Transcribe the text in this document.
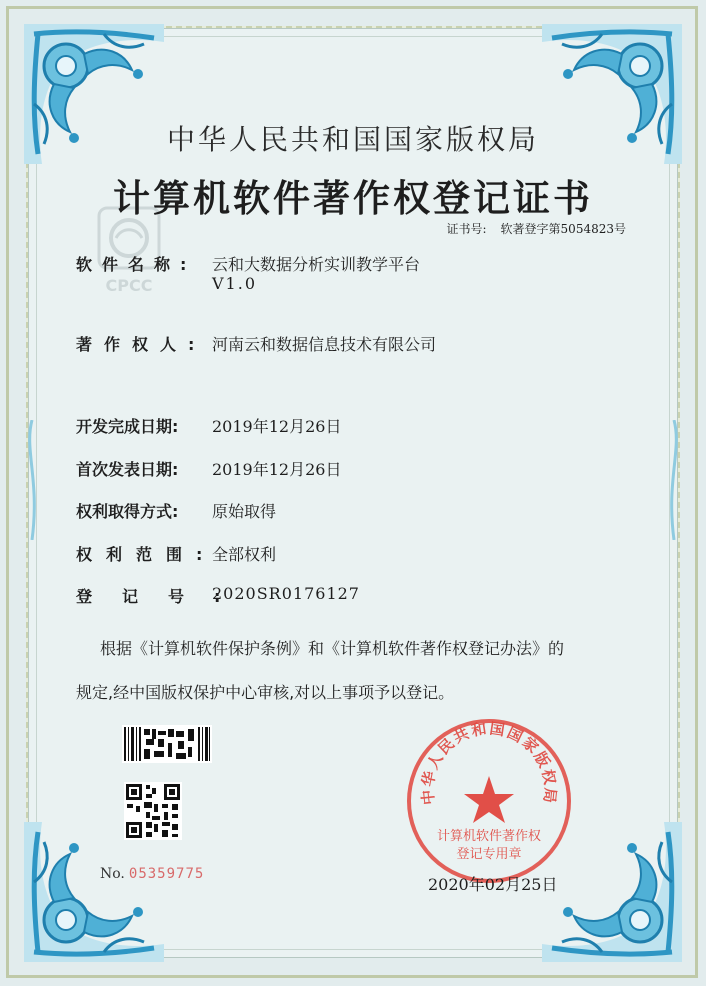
CPCC
中华人民共和国国家版权局
计算机软件著作权登记证书
证书号: 软著登字第5054823号
软件名称: 云和大数据分析实训教学平台
V1.0
著作权人: 河南云和数据信息技术有限公司
开发完成日期:	2019年12月26日
首次发表日期:	2019年12月26日
权利取得方式:	原始取得
权利范围:
全部权利
登记号:
2020SR0176127
根据《计算机软件保护条例》和《计算机软件著作权登记办法》的
规定,经中国版权保护中心审核,对以上事项予以登记。
No. 05359775
中华人民共和国国家版权局
计算机软件著作权
登记专用章
2020年02月25日
